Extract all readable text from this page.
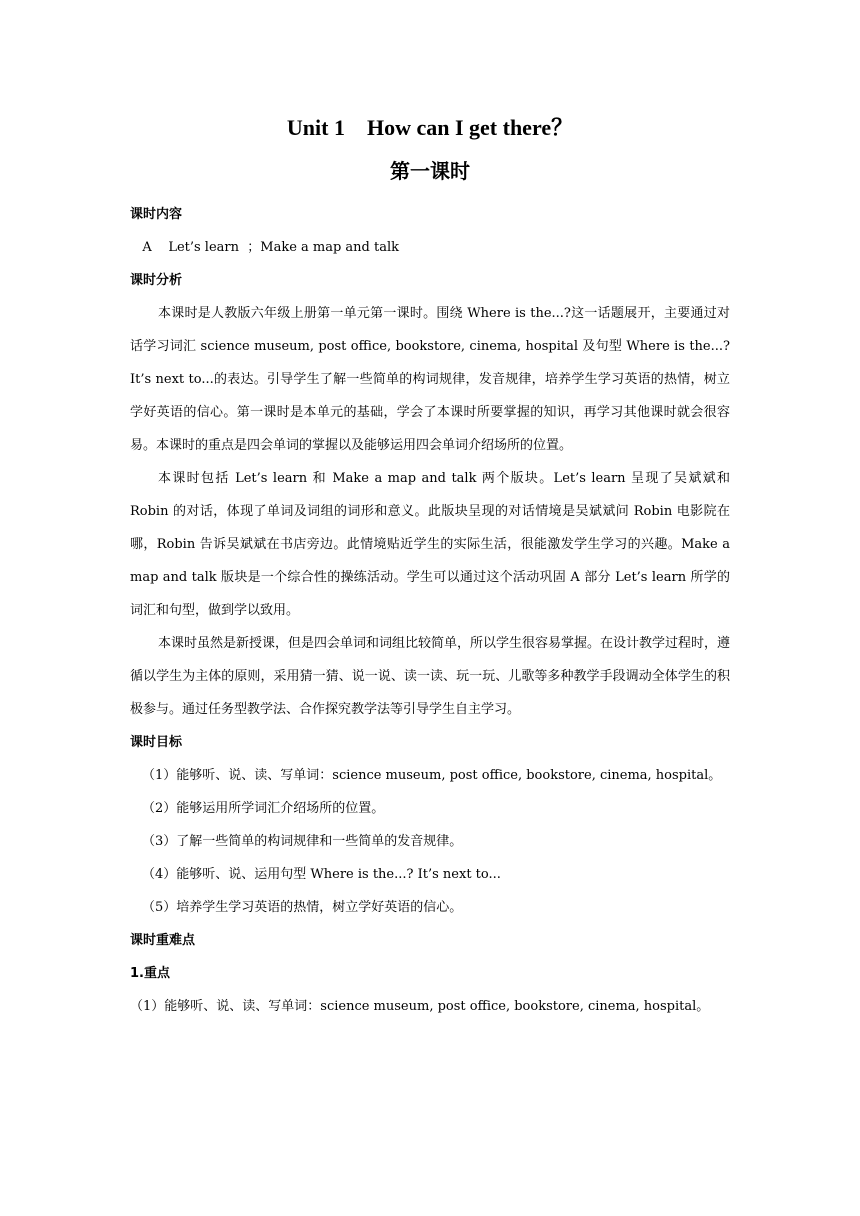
Unit 1    How can I get there？
第一课时
课时内容
A    Let’s learn  ；Make a map and talk
课时分析
本课时是人教版六年级上册第一单元第一课时。围绕 Where is the...?这一话题展开，主要通过对话学习词汇 science museum, post office, bookstore, cinema, hospital 及句型 Where is the...? It’s next to...的表达。引导学生了解一些简单的构词规律，发音规律，培养学生学习英语的热情，树立学好英语的信心。第一课时是本单元的基础，学会了本课时所要掌握的知识，再学习其他课时就会很容易。本课时的重点是四会单词的掌握以及能够运用四会单词介绍场所的位置。
本课时包括 Let’s learn 和 Make a map and talk 两个版块。Let’s learn 呈现了吴斌斌和 Robin 的对话，体现了单词及词组的词形和意义。此版块呈现的对话情境是吴斌斌问 Robin 电影院在哪，Robin 告诉吴斌斌在书店旁边。此情境贴近学生的实际生活，很能激发学生学习的兴趣。Make a map and talk 版块是一个综合性的操练活动。学生可以通过这个活动巩固 A 部分 Let’s learn 所学的词汇和句型，做到学以致用。
本课时虽然是新授课，但是四会单词和词组比较简单，所以学生很容易掌握。在设计教学过程时，遵循以学生为主体的原则，采用猜一猜、说一说、读一读、玩一玩、儿歌等多种教学手段调动全体学生的积极参与。通过任务型教学法、合作探究教学法等引导学生自主学习。
课时目标
（1）能够听、说、读、写单词：science museum, post office, bookstore, cinema, hospital。
（2）能够运用所学词汇介绍场所的位置。
（3）了解一些简单的构词规律和一些简单的发音规律。
（4）能够听、说、运用句型 Where is the...? It’s next to...
（5）培养学生学习英语的热情，树立学好英语的信心。
课时重难点
1.重点
（1）能够听、说、读、写单词：science museum, post office, bookstore, cinema, hospital。
